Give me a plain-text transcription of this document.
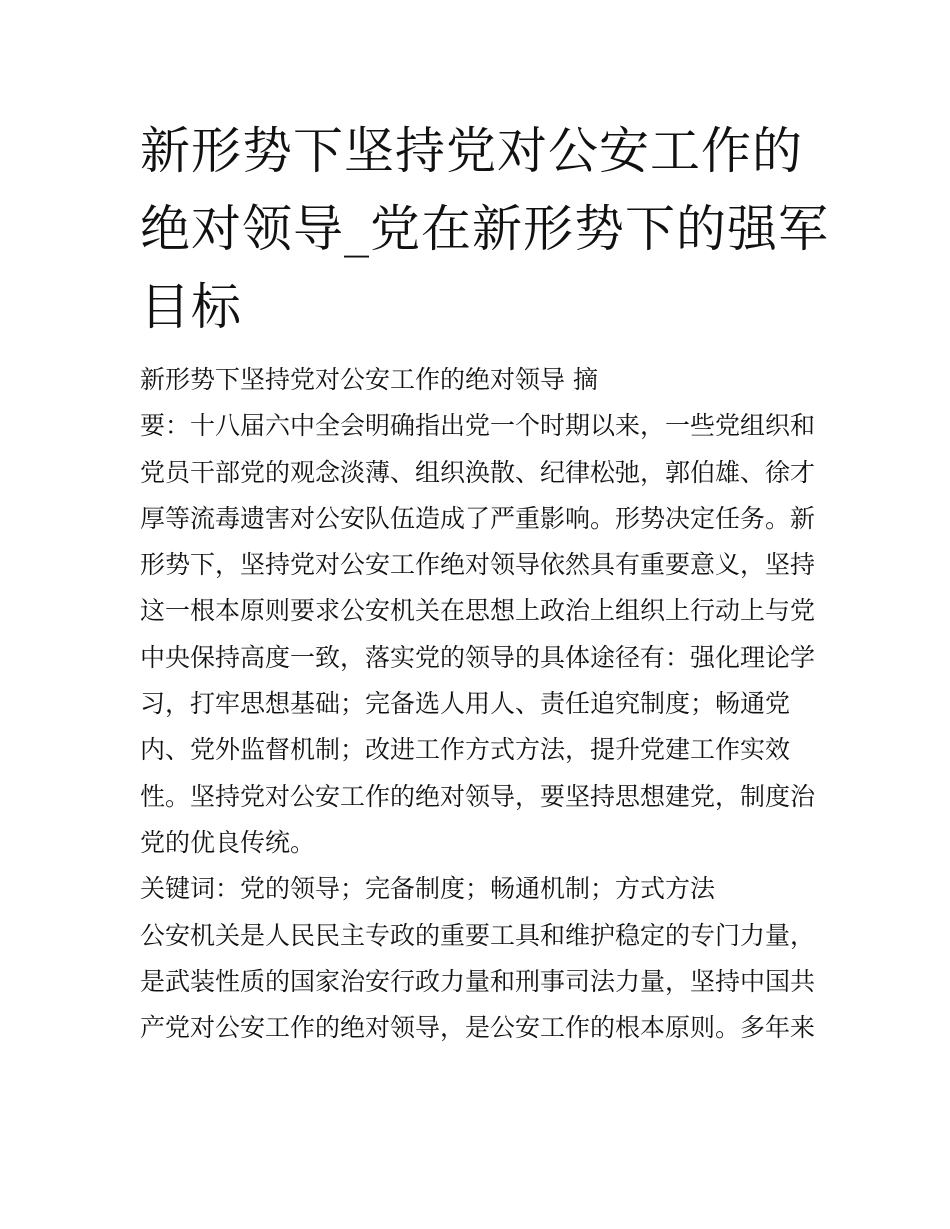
新形势下坚持党对公安工作的
绝对领导_党在新形势下的强军
目标
新形势下坚持党对公安工作的绝对领导 摘
要：十八届六中全会明确指出党一个时期以来，一些党组织和
党员干部党的观念淡薄、组织涣散、纪律松弛，郭伯雄、徐才
厚等流毒遗害对公安队伍造成了严重影响。形势决定任务。新
形势下，坚持党对公安工作绝对领导依然具有重要意义，坚持
这一根本原则要求公安机关在思想上政治上组织上行动上与党
中央保持高度一致，落实党的领导的具体途径有：强化理论学
习，打牢思想基础；完备选人用人、责任追究制度；畅通党
内、党外监督机制；改进工作方式方法，提升党建工作实效
性。坚持党对公安工作的绝对领导，要坚持思想建党，制度治
党的优良传统。
关键词：党的领导；完备制度；畅通机制；方式方法
公安机关是人民民主专政的重要工具和维护稳定的专门力量，
是武装性质的国家治安行政力量和刑事司法力量，坚持中国共
产党对公安工作的绝对领导，是公安工作的根本原则。多年来
